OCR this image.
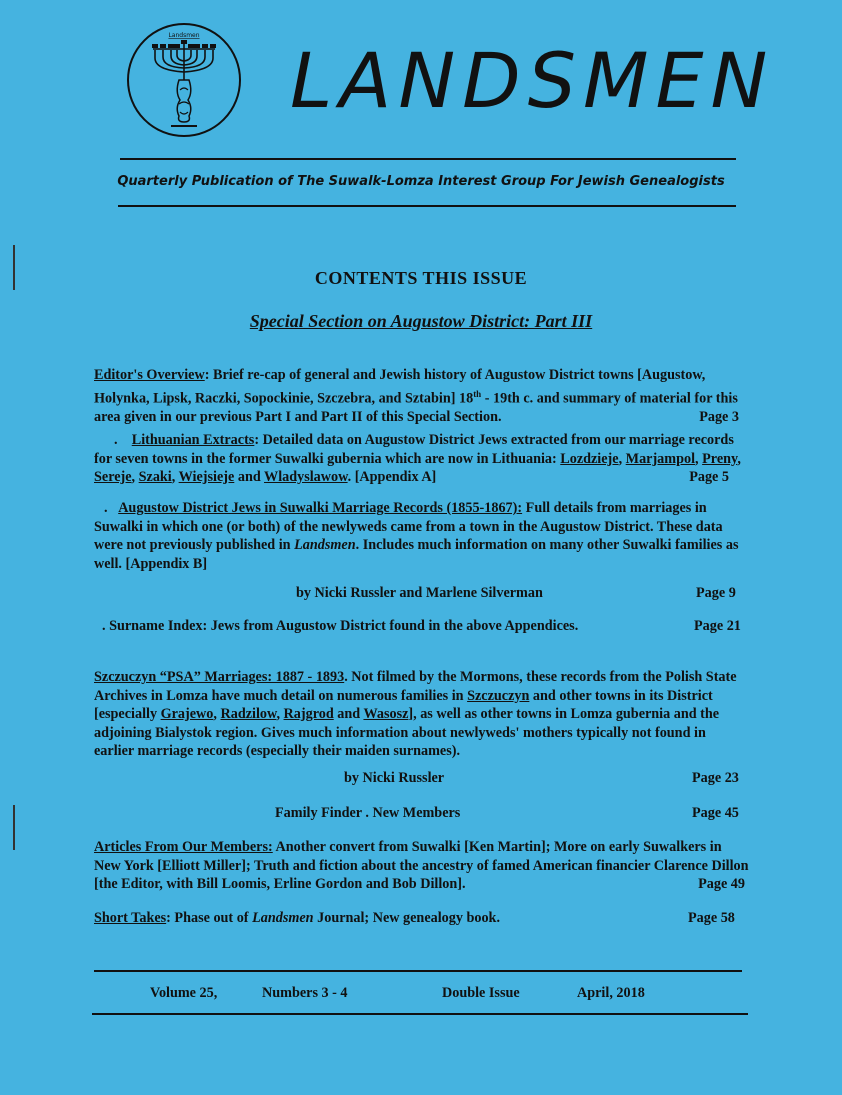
Landsmen
LANDSMEN
Quarterly Publication of The Suwalk-Lomza Interest Group For Jewish Genealogists
CONTENTS THIS ISSUE
Special Section on Augustow District: Part III
Editor's Overview: Brief re-cap of general and Jewish history of Augustow District towns [Augustow, Holynka, Lipsk, Raczki, Sopockinie, Szczebra, and Sztabin] 18th - 19th c. and summary of material for this area given in our previous Part I and Part II of this Special Section.	Page 3
. Lithuanian Extracts: Detailed data on Augustow District Jews extracted from our marriage records for seven towns in the former Suwalki gubernia which are now in Lithuania: Lozdzieje, Marjampol, Preny, Sereje, Szaki, Wiejsieje and Wladyslawow. [Appendix A]	Page 5
. Augustow District Jews in Suwalki Marriage Records (1855-1867): Full details from marriages in Suwalki in which one (or both) of the newlyweds came from a town in the Augustow District. These data were not previously published in Landsmen. Includes much information on many other Suwalki families as well. [Appendix B]
by Nicki Russler and Marlene Silverman	Page 9
. Surname Index: Jews from Augustow District found in the above Appendices.	Page 21
Szczuczyn “PSA” Marriages: 1887 - 1893. Not filmed by the Mormons, these records from the Polish State Archives in Lomza have much detail on numerous families in Szczuczyn and other towns in its District [especially Grajewo, Radzilow, Rajgrod and Wasosz], as well as other towns in Lomza gubernia and the adjoining Bialystok region. Gives much information about newlyweds' mothers typically not found in earlier marriage records (especially their maiden surnames).
by Nicki Russler	Page 23
Family Finder . New Members	Page 45
Articles From Our Members: Another convert from Suwalki [Ken Martin]; More on early Suwalkers in New York [Elliott Miller]; Truth and fiction about the ancestry of famed American financier Clarence Dillon [the Editor, with Bill Loomis, Erline Gordon and Bob Dillon].	Page 49
Short Takes: Phase out of Landsmen Journal; New genealogy book.	Page 58
Volume 25,	Numbers 3 - 4	Double Issue	April, 2018
